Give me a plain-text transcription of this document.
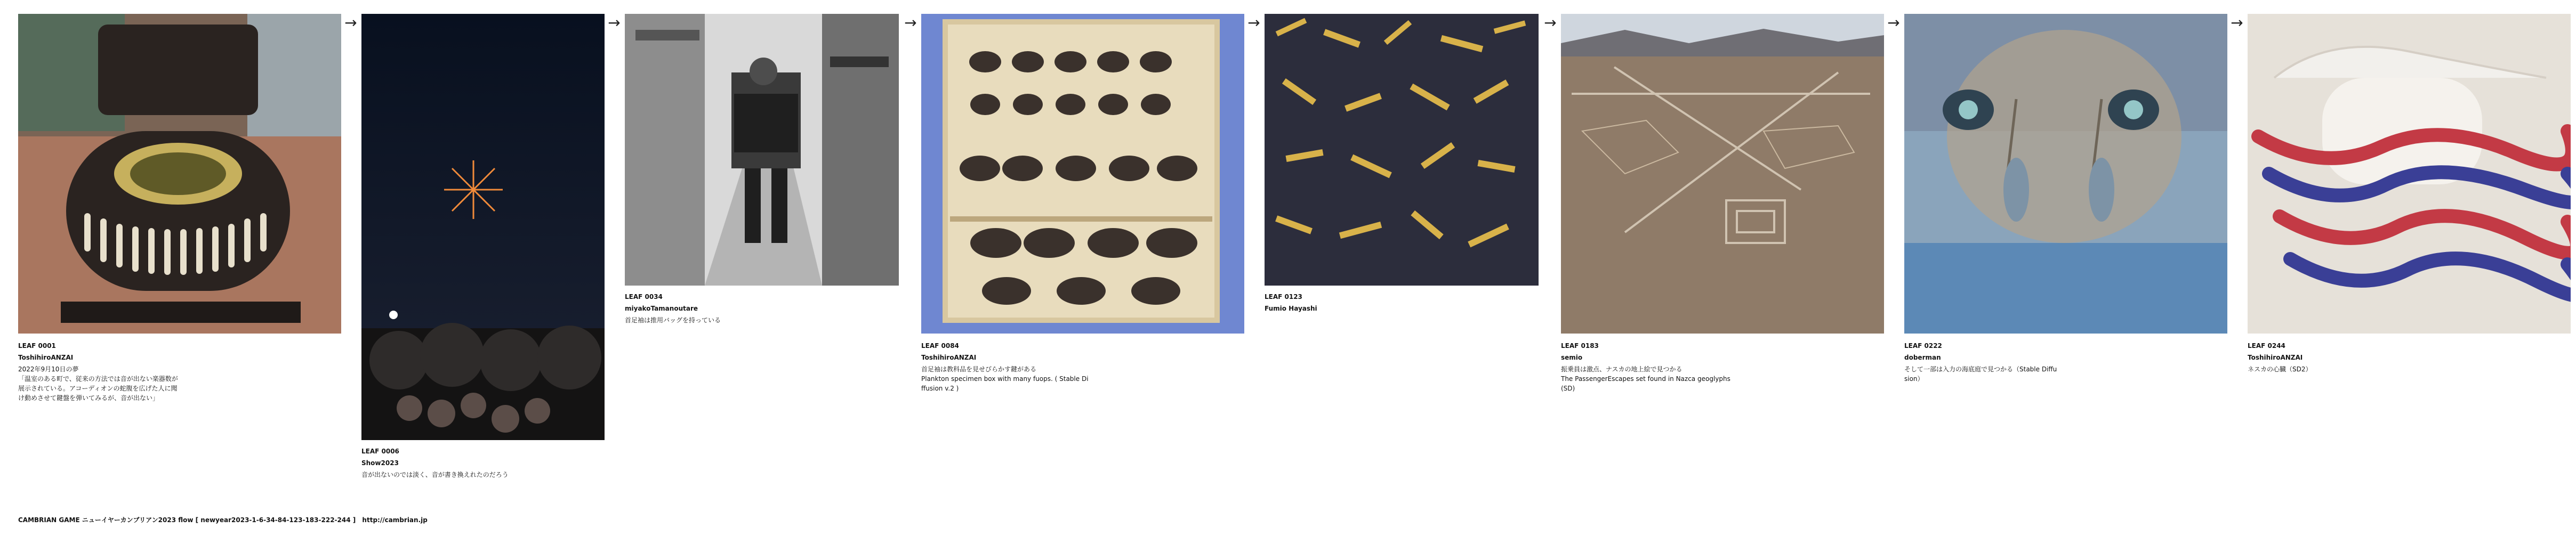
LEAF 0001
ToshihiroANZAI
2022年9月10日の夢
「温室のある町で、従来の方法では音が出ない楽器数が
展示されている。アコーディオンの蛇腹を広げた人に聞
け動めさせて鍵盤を弾いてみるが、音が出ない」
→
LEAF 0006
Show2023
音が出ないのでは淡く、音が書き換えれたのだろう
→
LEAF 0034
miyakoTamanoutare
首足袖は推用バッグを持っている
→
LEAF 0084
ToshihiroANZAI
首足袖は教科品を見せびらかす鍵がある
Plankton specimen box with many fuops. ( Stable Di
ffusion v.2 )
→
LEAF 0123
Fumio Hayashi
→
LEAF 0183
semio
振乗員は激点、ナスカの地上絵で見つかる
The PassengerEscapes set found in Nazca geoglyphs
(SD)
→
LEAF 0222
doberman
そして一部は入力の海底庭で見つかる（Stable Diffu
sion）
→
LEAF 0244
ToshihiroANZAI
ネスカの心臓（SD2）
CAMBRIAN GAME ニューイヤーカンブリアン2023 flow [ newyear2023-1-6-34-84-123-183-222-244 ] http://cambrian.jp
